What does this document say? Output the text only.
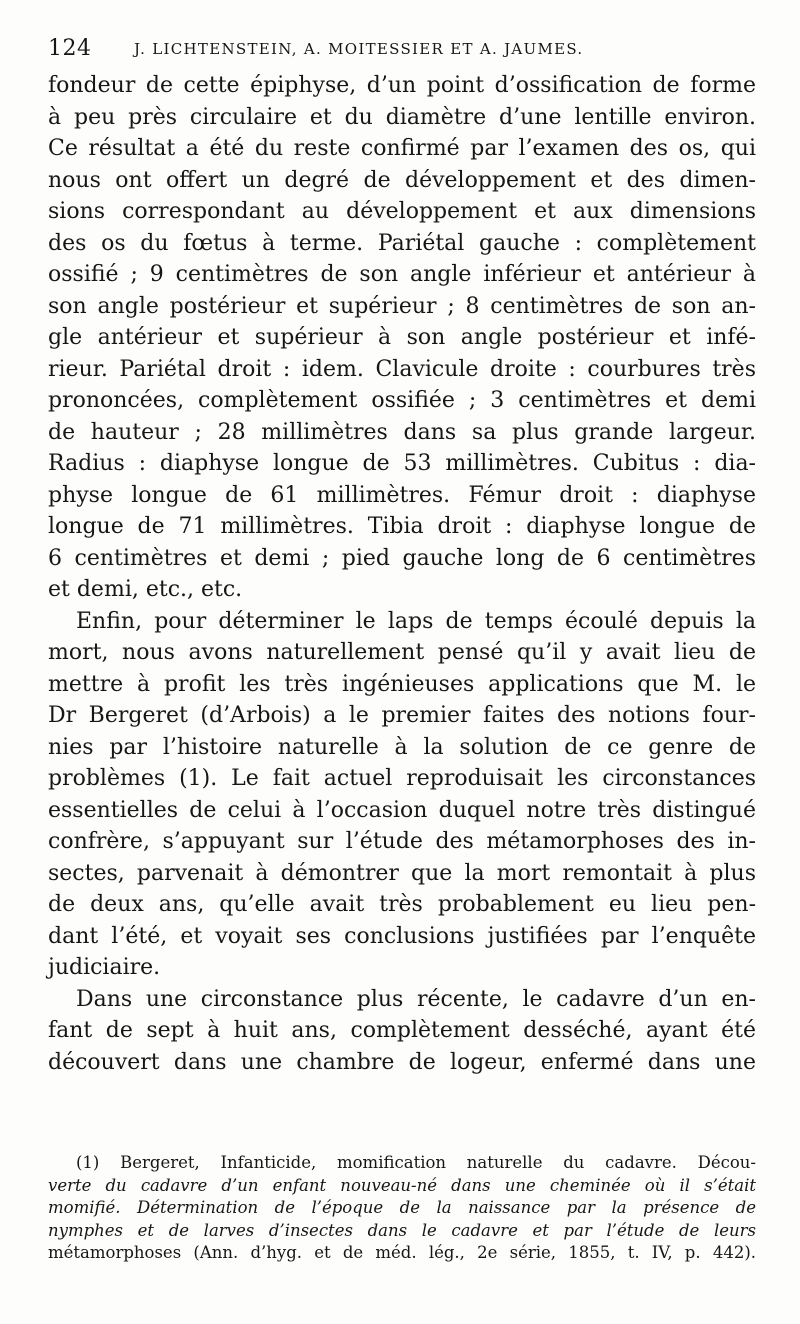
124	J. LICHTENSTEIN, A. MOITESSIER ET A. JAUMES.
fondeur de cette épiphyse, d’un point d’ossification de forme
à peu près circulaire et du diamètre d’une lentille environ.
Ce résultat a été du reste confirmé par l’examen des os, qui
nous ont offert un degré de développement et des dimen-
sions correspondant au développement et aux dimensions
des os du fœtus à terme. Pariétal gauche : complètement
ossifié ; 9 centimètres de son angle inférieur et antérieur à
son angle postérieur et supérieur ; 8 centimètres de son an-
gle antérieur et supérieur à son angle postérieur et infé-
rieur. Pariétal droit : idem. Clavicule droite : courbures très
prononcées, complètement ossifiée ; 3 centimètres et demi
de hauteur ; 28 millimètres dans sa plus grande largeur.
Radius : diaphyse longue de 53 millimètres. Cubitus : dia-
physe longue de 61 millimètres. Fémur droit : diaphyse
longue de 71 millimètres. Tibia droit : diaphyse longue de
6 centimètres et demi ; pied gauche long de 6 centimètres
et demi, etc., etc.
Enfin, pour déterminer le laps de temps écoulé depuis la
mort, nous avons naturellement pensé qu’il y avait lieu de
mettre à profit les très ingénieuses applications que M. le
Dr Bergeret (d’Arbois) a le premier faites des notions four-
nies par l’histoire naturelle à la solution de ce genre de
problèmes (1). Le fait actuel reproduisait les circonstances
essentielles de celui à l’occasion duquel notre très distingué
confrère, s’appuyant sur l’étude des métamorphoses des in-
sectes, parvenait à démontrer que la mort remontait à plus
de deux ans, qu’elle avait très probablement eu lieu pen-
dant l’été, et voyait ses conclusions justifiées par l’enquête
judiciaire.
Dans une circonstance plus récente, le cadavre d’un en-
fant de sept à huit ans, complètement desséché, ayant été
découvert dans une chambre de logeur, enfermé dans une
(1) Bergeret, Infanticide, momification naturelle du cadavre. Décou-
verte du cadavre d’un enfant nouveau-né dans une cheminée où il s’était
momifié. Détermination de l’époque de la naissance par la présence de
nymphes et de larves d’insectes dans le cadavre et par l’étude de leurs
métamorphoses (Ann. d’hyg. et de méd. lég., 2e série, 1855, t. IV, p. 442).
